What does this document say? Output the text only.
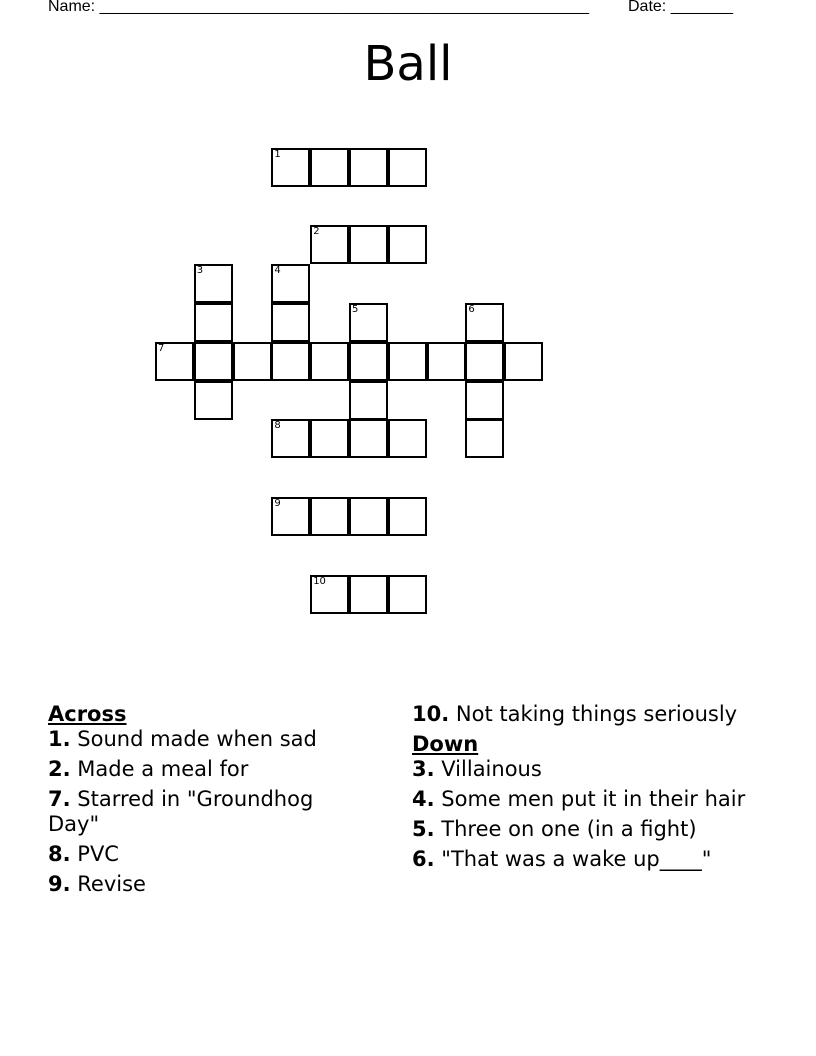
Name: _______________________________________________________ Date: _______
Ball
1
2
3	4
5	6
7
8
9
10
Across
1. Sound made when sad
2. Made a meal for
7. Starred in "Groundhog Day"
8. PVC
9. Revise
10. Not taking things seriously
Down
3. Villainous
4. Some men put it in their hair
5. Three on one (in a fight)
6. "That was a wake up____"
